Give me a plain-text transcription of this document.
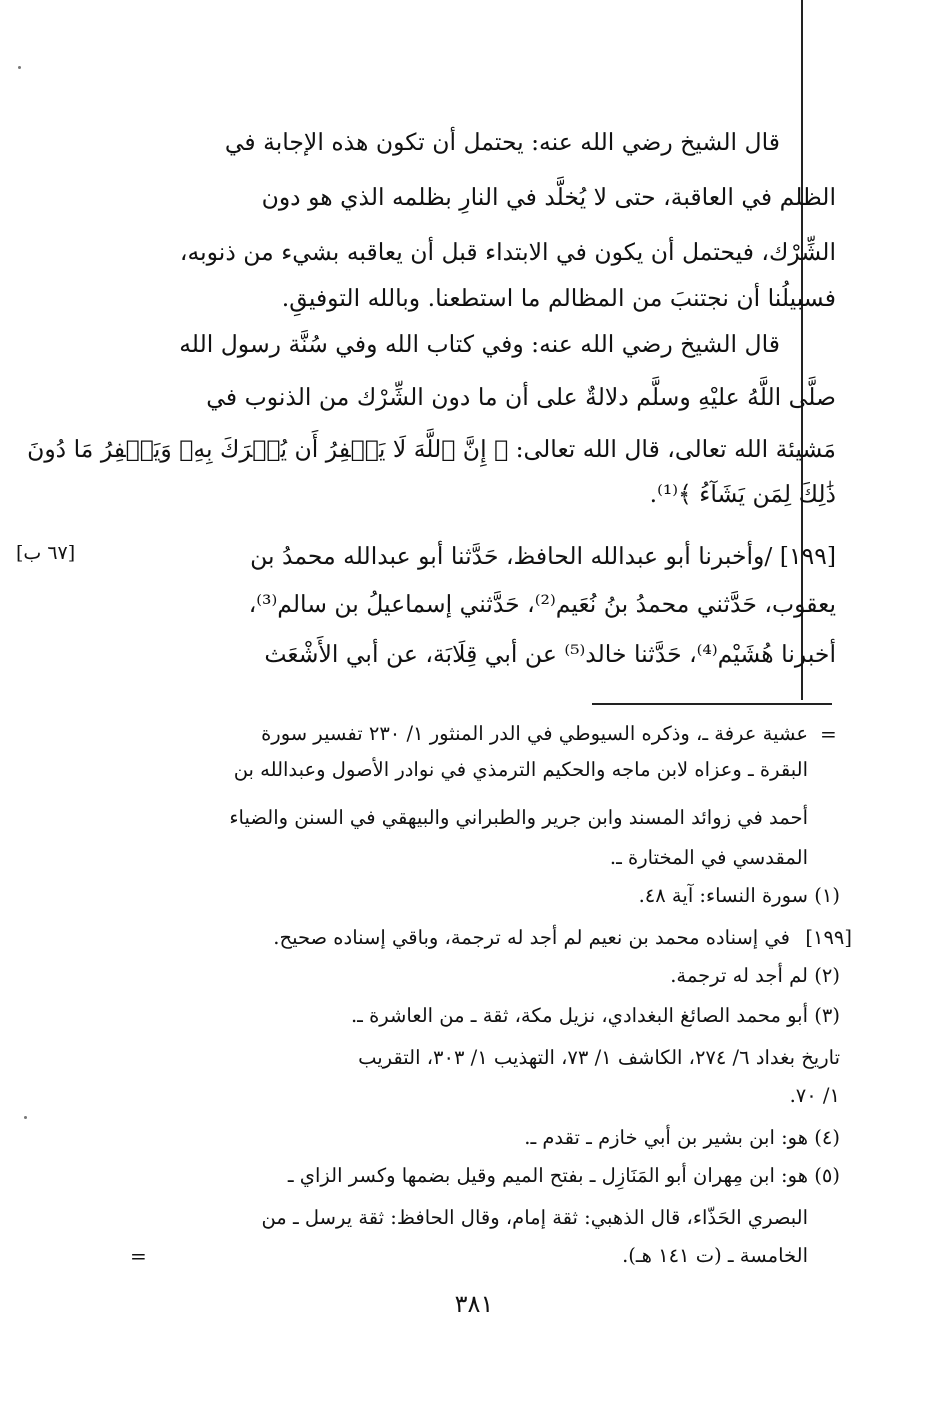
[٦٧ ب]
قال الشيخ رضي الله عنه: يحتمل أن تكون هذه الإجابة في
الظلم في العاقبة، حتى لا يُخلَّد في النارِ بظلمه الذي هو دون
الشِّرْك، فيحتمل أن يكون في الابتداء قبل أن يعاقبه بشيء من ذنوبه،
فسبيلُنا أن نجتنبَ من المظالم ما استطعنا. وبالله التوفيقِ.
قال الشيخ رضي الله عنه: وفي كتاب الله وفي سُنَّة رسول الله
صلَّى اللَّهُ عليْهِ وسلَّم دلالةٌ على أن ما دون الشِّرْك من الذنوب في
مَشيئة الله تعالى، قال الله تعالى: ﴿ إِنَّ ٱللَّهَ لَا يَغۡفِرُ أَن يُشۡرَكَ بِهِۦ وَيَغۡفِرُ مَا دُونَ
ذَٰلِكَ لِمَن يَشَآءُ ﴾⁽¹⁾.
[١٩٩] /وأخبرنا أبو عبدالله الحافظ، حَدَّثنا أبو عبدالله محمدُ بن
يعقوب، حَدَّثني محمدُ بنُ نُعَيم⁽²⁾، حَدَّثني إسماعيلُ بن سالم⁽³⁾،
أخبرنا هُشَيْم⁽⁴⁾، حَدَّثنا خالد⁽⁵⁾ عن أبي قِلَابَة، عن أبي الأَشْعَث
=
عشية عرفة ـ، وذكره السيوطي في الدر المنثور ١/ ٢٣٠ تفسير سورة
البقرة ـ وعزاه لابن ماجه والحكيم الترمذي في نوادر الأصول وعبدالله بن
أحمد في زوائد المسند وابن جرير والطبراني والبيهقي في السنن والضياء
المقدسي في المختارة ـ.
(١)
سورة النساء: آية ٤٨.
[١٩٩]
في إسناده محمد بن نعيم لم أجد له ترجمة، وباقي إسناده صحيح.
(٢)
لم أجد له ترجمة.
(٣)
أبو محمد الصائغ البغدادي، نزيل مكة، ثقة ـ من العاشرة ـ.
تاريخ بغداد ٦/ ٢٧٤، الكاشف ١/ ٧٣، التهذيب ١/ ٣٠٣، التقريب
١/ ٧٠.
(٤)
هو: ابن بشير بن أبي خازم ـ تقدم ـ.
(٥)
هو: ابن مِهران أبو المَنَازِل ـ بفتح الميم وقيل بضمها وكسر الزاي ـ
البصري الحَذّاء، قال الذهبي: ثقة إمام، وقال الحافظ: ثقة يرسل ـ من
الخامسة ـ (ت ١٤١ هـ).
=
٣٨١
